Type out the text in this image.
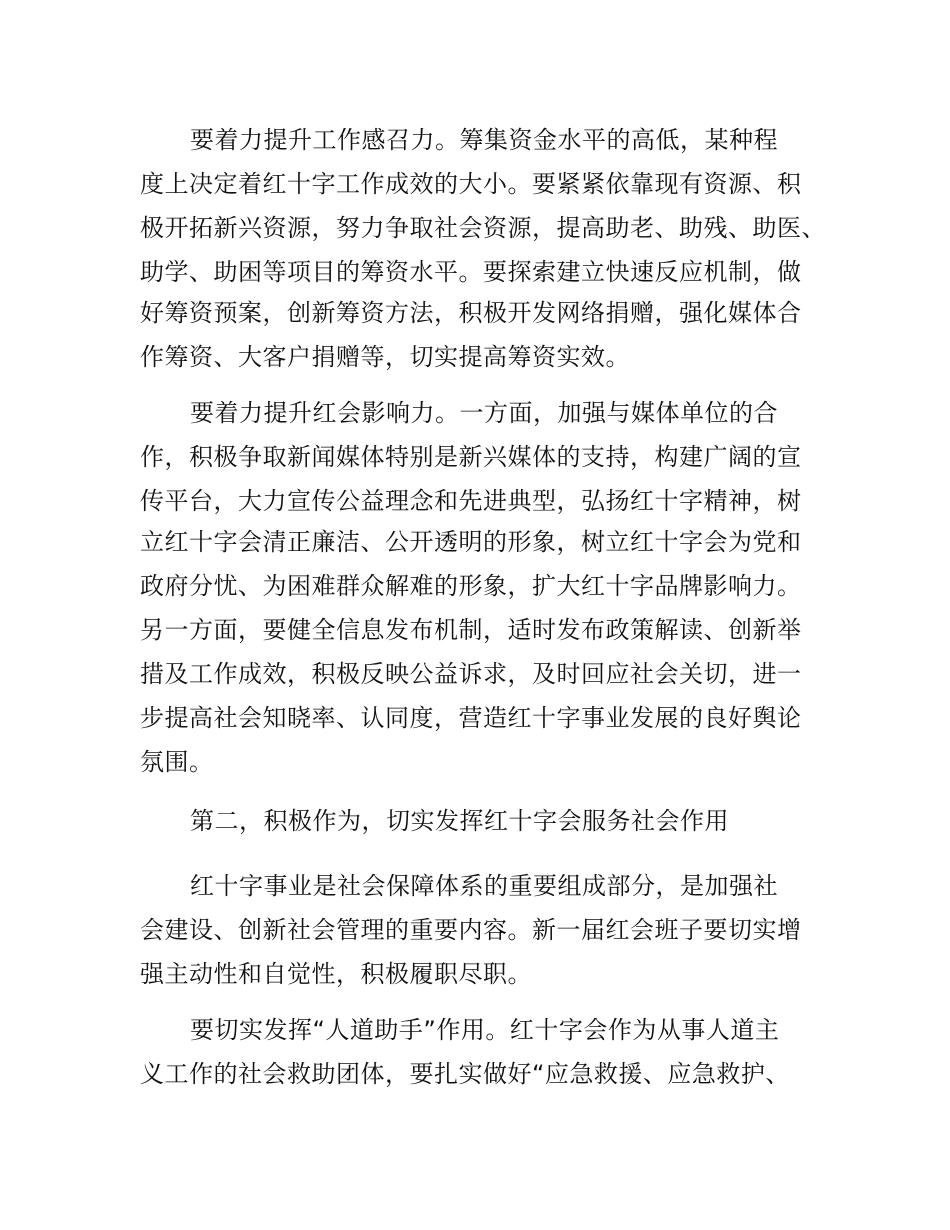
要着力提升工作感召力。筹集资金水平的高低，某种程
度上决定着红十字工作成效的大小。要紧紧依靠现有资源、积
极开拓新兴资源，努力争取社会资源，提高助老、助残、助医、
助学、助困等项目的筹资水平。要探索建立快速反应机制，做
好筹资预案，创新筹资方法，积极开发网络捐赠，强化媒体合
作筹资、大客户捐赠等，切实提高筹资实效。
要着力提升红会影响力。一方面，加强与媒体单位的合
作，积极争取新闻媒体特别是新兴媒体的支持，构建广阔的宣
传平台，大力宣传公益理念和先进典型，弘扬红十字精神，树
立红十字会清正廉洁、公开透明的形象，树立红十字会为党和
政府分忧、为困难群众解难的形象，扩大红十字品牌影响力。
另一方面，要健全信息发布机制，适时发布政策解读、创新举
措及工作成效，积极反映公益诉求，及时回应社会关切，进一
步提高社会知晓率、认同度，营造红十字事业发展的良好舆论
氛围。
第二，积极作为，切实发挥红十字会服务社会作用
红十字事业是社会保障体系的重要组成部分，是加强社
会建设、创新社会管理的重要内容。新一届红会班子要切实增
强主动性和自觉性，积极履职尽职。
要切实发挥“人道助手”作用。红十字会作为从事人道主
义工作的社会救助团体，要扎实做好“应急救援、应急救护、
